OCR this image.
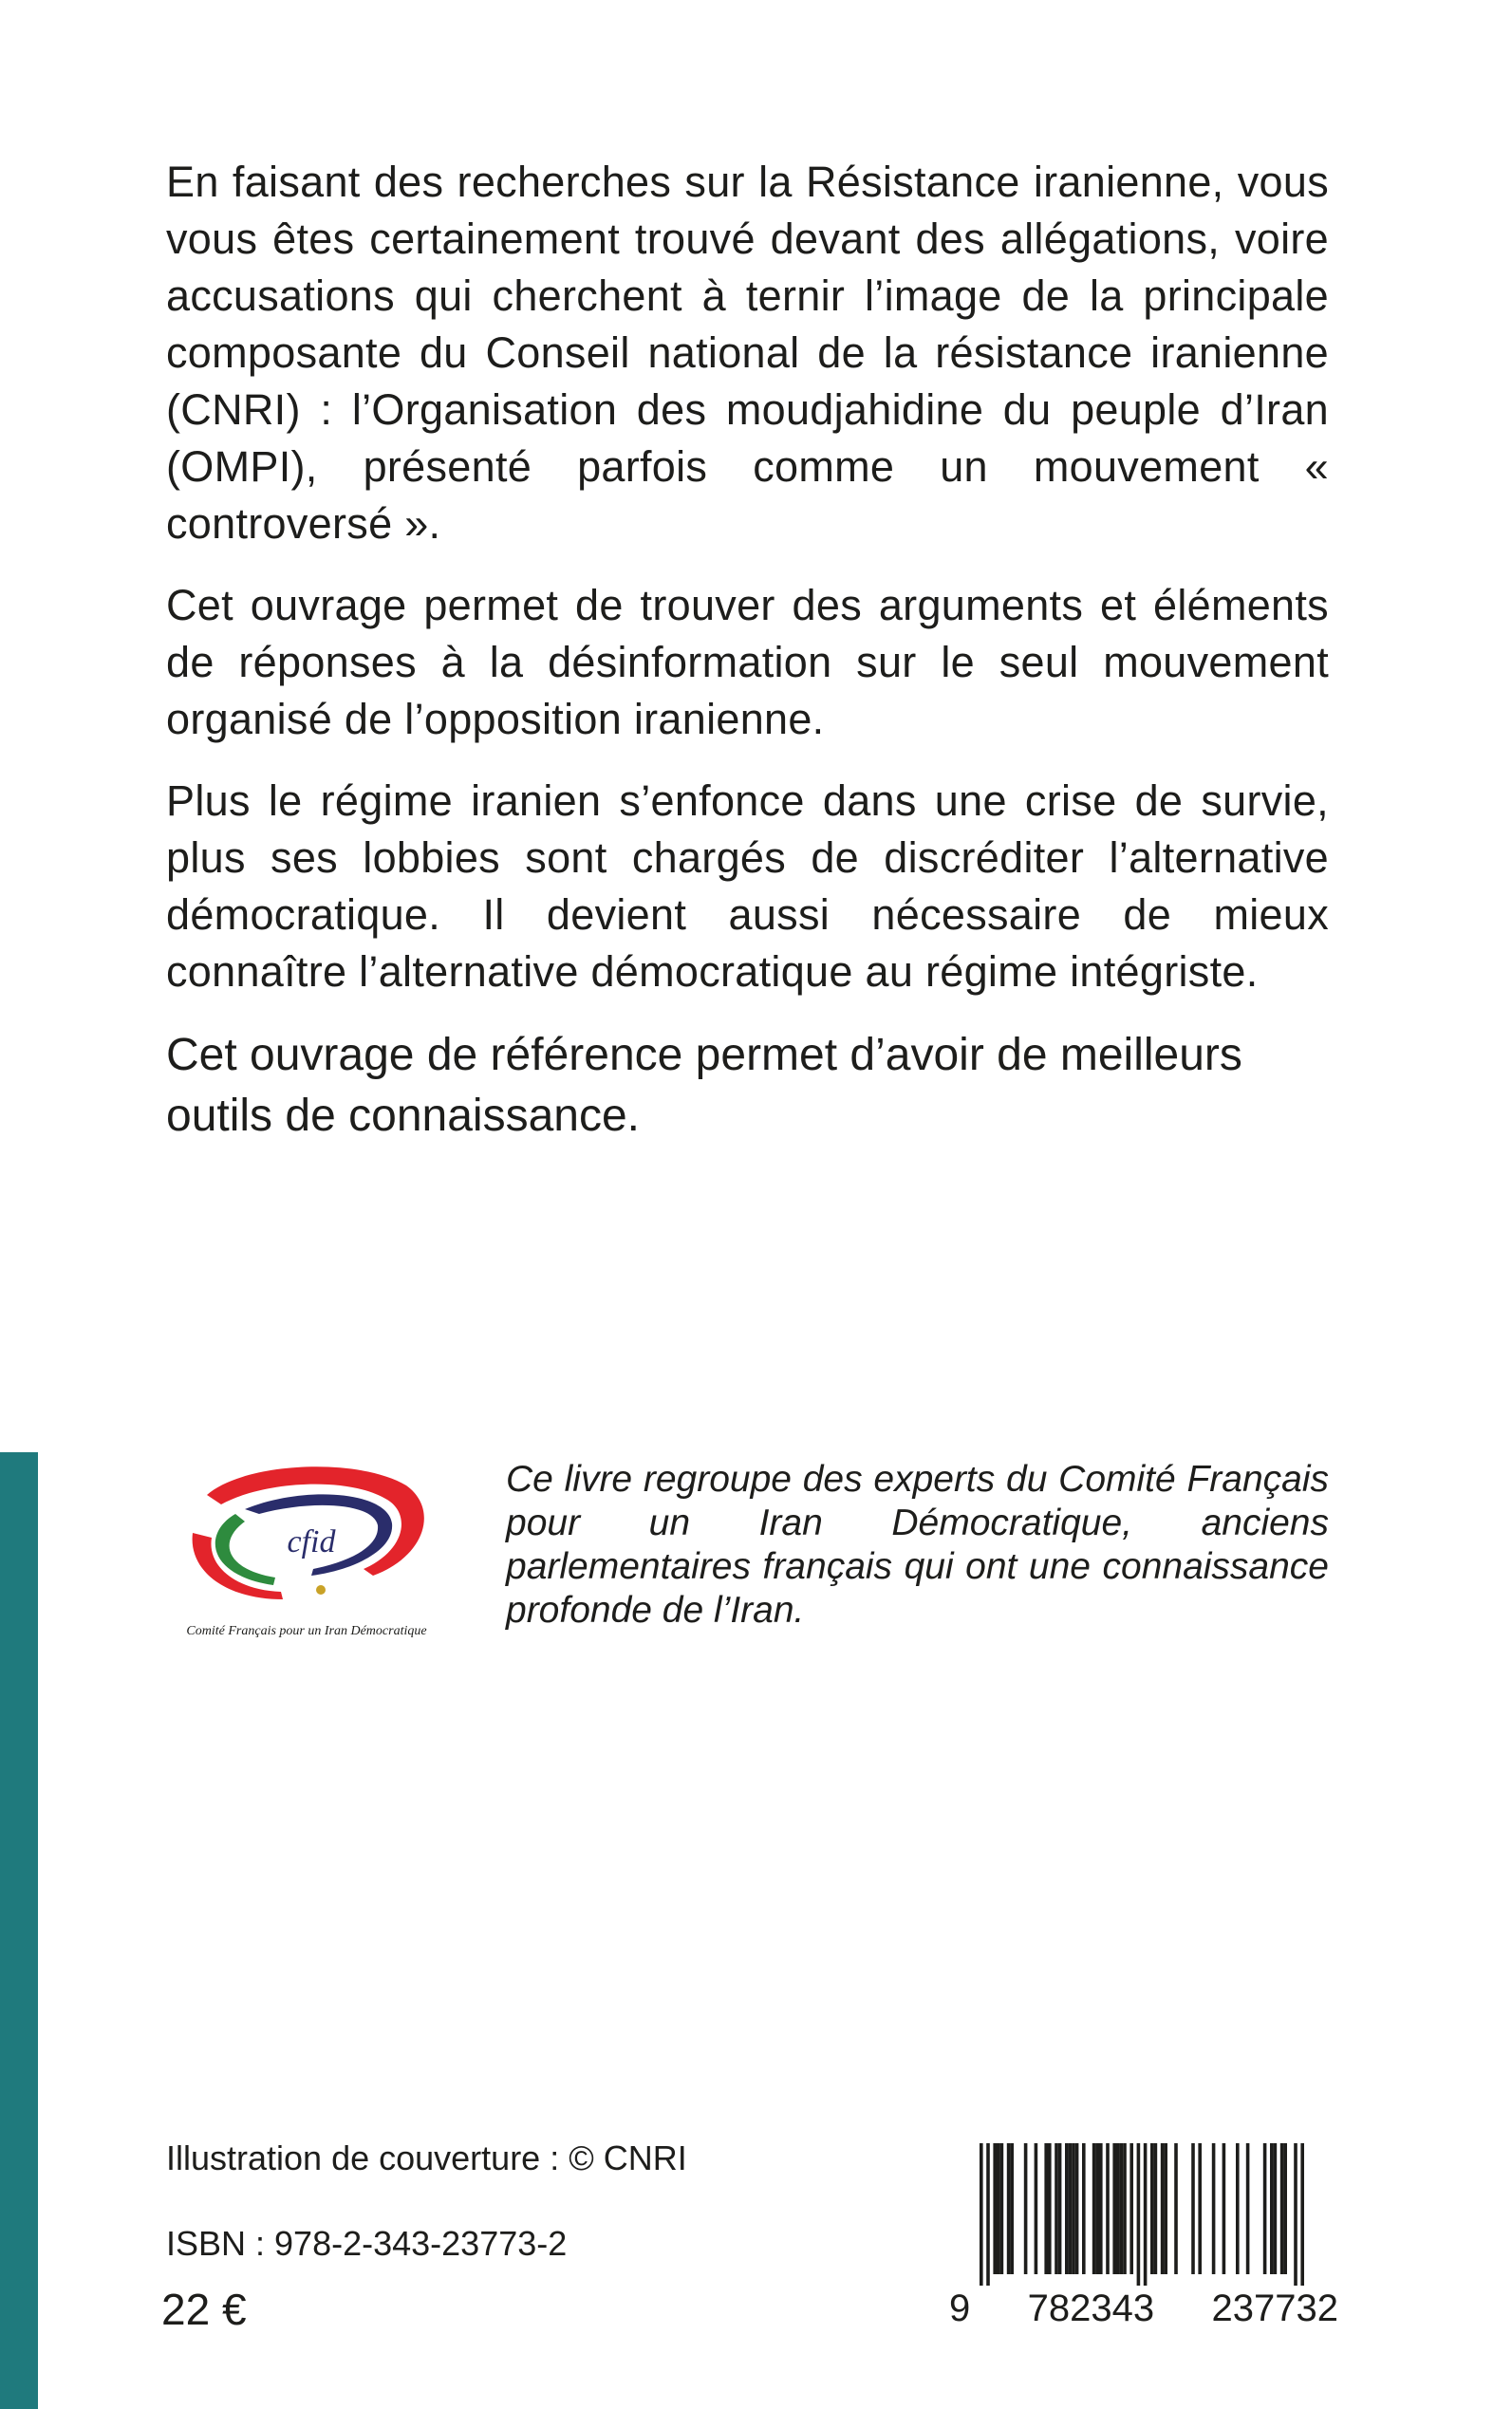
En faisant des recherches sur la Résistance iranienne, vous vous êtes certainement trouvé devant des allégations, voire accusations qui cherchent à ternir l’image de la principale composante du Conseil national de la résistance iranienne (CNRI) : l’Organisation des moudjahidine du peuple d’Iran (OMPI), présenté parfois comme un mouvement « controversé ».

Cet ouvrage permet de trouver des arguments et éléments de réponses à la désinformation sur le seul mouvement organisé de l’opposition iranienne.

Plus le régime iranien s’enfonce dans une crise de survie, plus ses lobbies sont chargés de discréditer l’alternative démocratique. Il devient aussi nécessaire de mieux connaître l’alternative démocratique au régime intégriste.

Cet ouvrage de référence permet d’avoir de meilleurs outils de connaissance.

cfid
Comité Français pour un Iran Démocratique

Ce livre regroupe des experts du Comité Français pour un Iran Démocratique, anciens parlementaires français qui ont une connaissance profonde de l’Iran.

Illustration de couverture : © CNRI

ISBN : 978-2-343-23773-2

22 €	9 782343 237732
